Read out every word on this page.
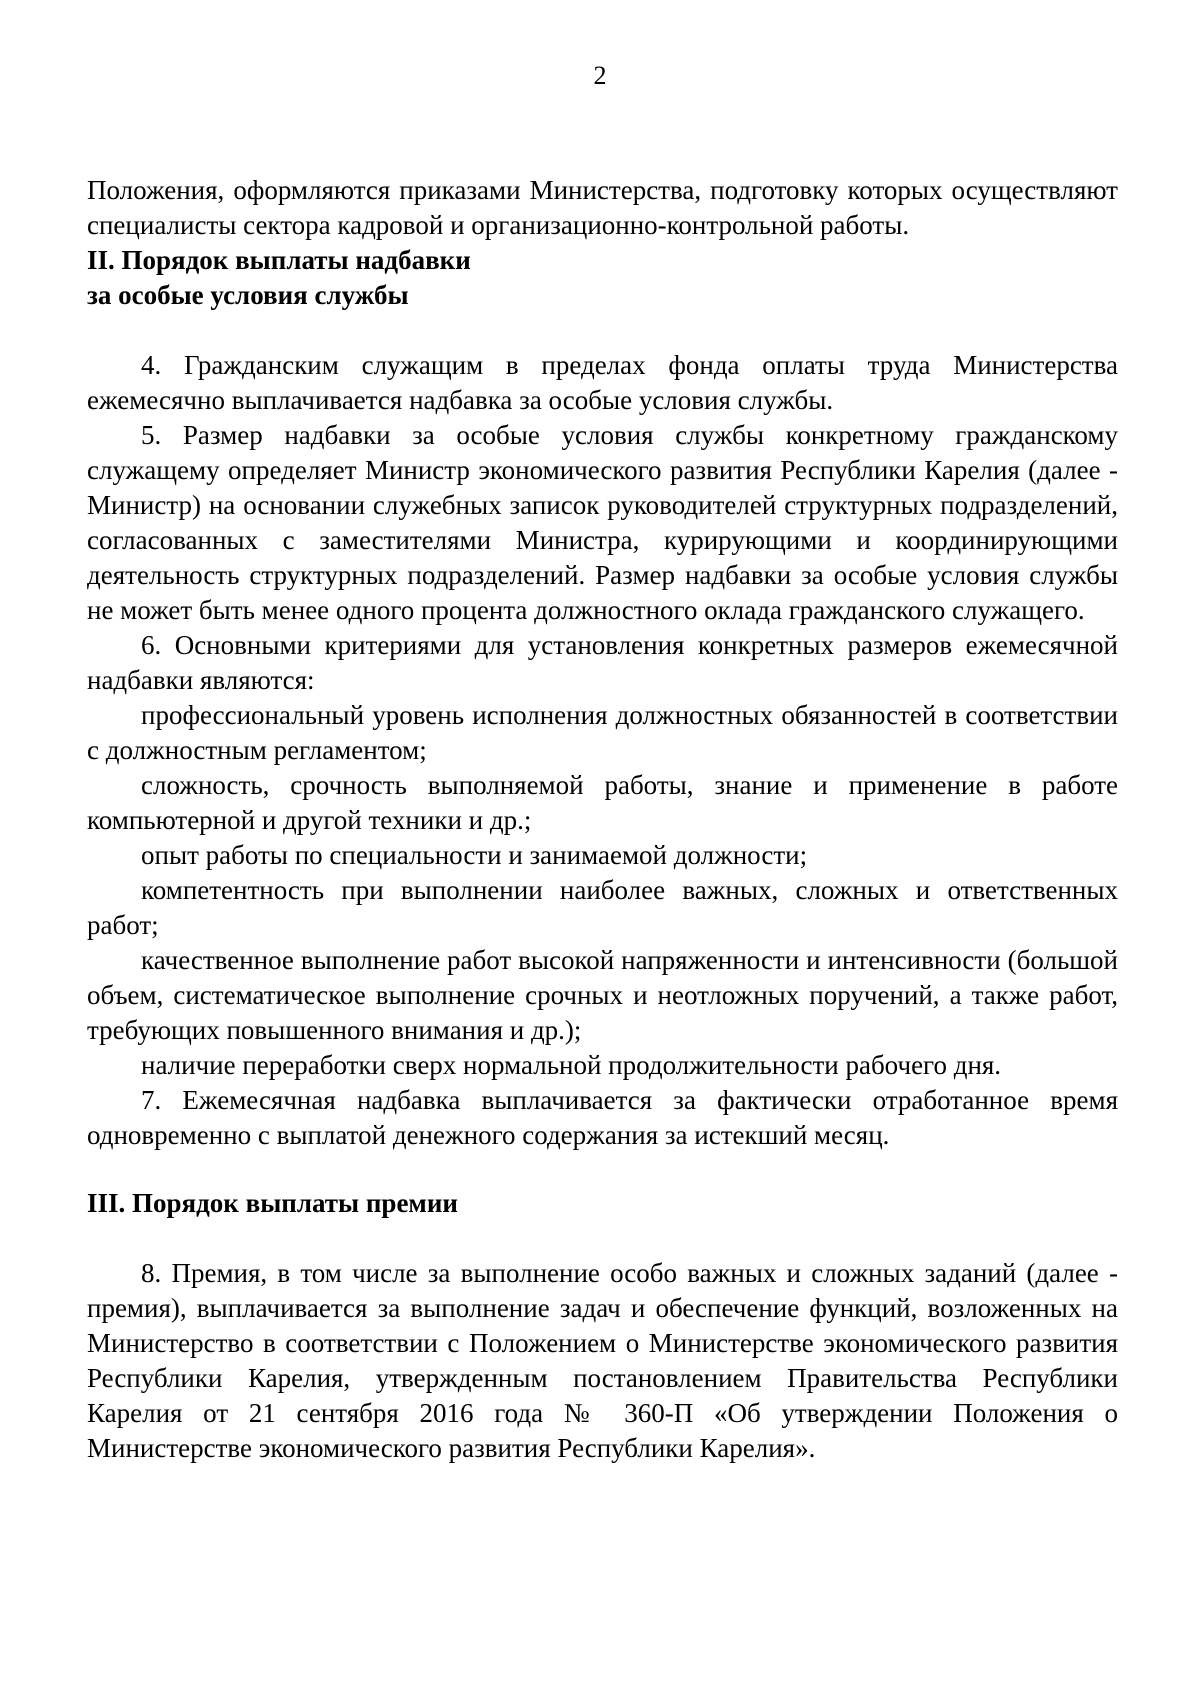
2

Положения, оформляются приказами Министерства, подготовку которых осуществляют специалисты сектора кадровой и организационно-контрольной работы.

II. Порядок выплаты надбавки

за особые условия службы

4. Гражданским служащим в пределах фонда оплаты труда Министерства ежемесячно выплачивается надбавка за особые условия службы.

5. Размер надбавки за особые условия службы конкретному гражданскому служащему определяет Министр экономического развития Республики Карелия (далее - Министр) на основании служебных записок руководителей структурных подразделений, согласованных с заместителями Министра, курирующими и координирующими деятельность структурных подразделений. Размер надбавки за особые условия службы не может быть менее одного процента должностного оклада гражданского служащего.

6. Основными критериями для установления конкретных размеров ежемесячной надбавки являются:

профессиональный уровень исполнения должностных обязанностей в соответствии с должностным регламентом;

сложность, срочность выполняемой работы, знание и применение в работе компьютерной и другой техники и др.;

опыт работы по специальности и занимаемой должности;

компетентность при выполнении наиболее важных, сложных и ответственных работ;

качественное выполнение работ высокой напряженности и интенсивности (большой объем, систематическое выполнение срочных и неотложных поручений, а также работ, требующих повышенного внимания и др.);

наличие переработки сверх нормальной продолжительности рабочего дня.

7. Ежемесячная надбавка выплачивается за фактически отработанное время одновременно с выплатой денежного содержания за истекший месяц.

III. Порядок выплаты премии

8. Премия, в том числе за выполнение особо важных и сложных заданий (далее - премия), выплачивается за выполнение задач и обеспечение функций, возложенных на Министерство в соответствии с Положением о Министерстве экономического развития Республики Карелия, утвержденным постановлением Правительства Республики Карелия от 21 сентября 2016 года № 360-П «Об утверждении Положения о Министерстве экономического развития Республики Карелия».
